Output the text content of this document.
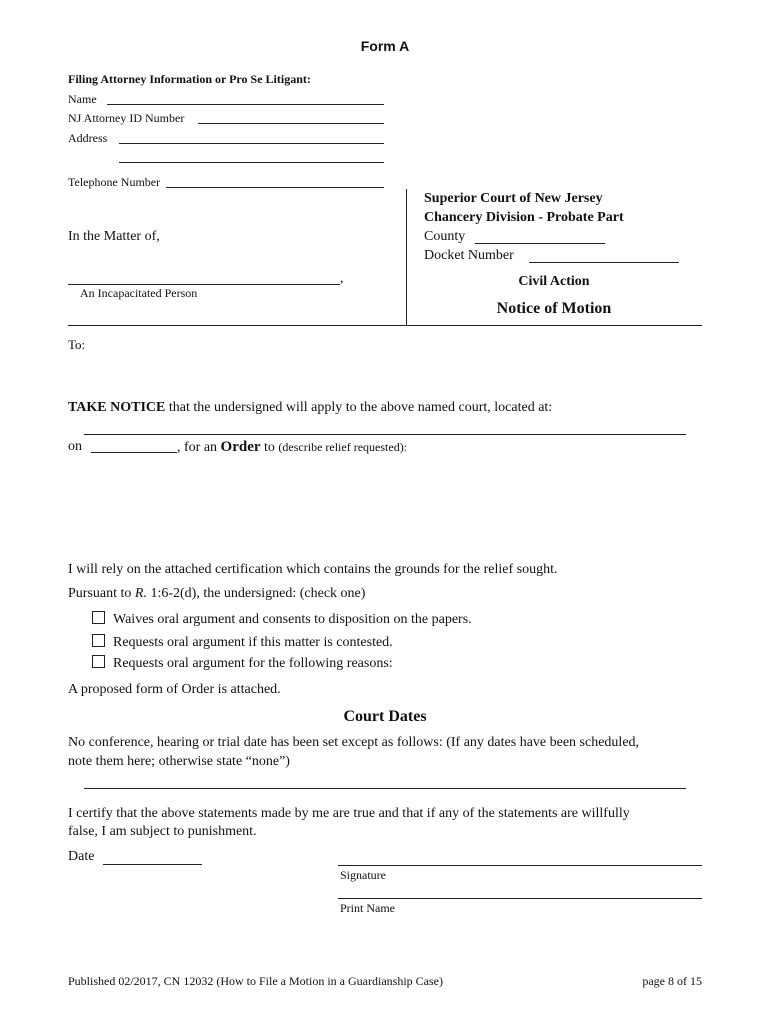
Form A
Filing Attorney Information or Pro Se Litigant:
Name
NJ Attorney ID Number
Address
Telephone Number
In the Matter of,
,
An Incapacitated Person
Superior Court of New Jersey
Chancery Division - Probate Part
County
Docket Number
Civil Action
Notice of Motion
To:
TAKE NOTICE that the undersigned will apply to the above named court, located at:
on	, for an Order to (describe relief requested):
I will rely on the attached certification which contains the grounds for the relief sought.
Pursuant to R. 1:6-2(d), the undersigned: (check one)
Waives oral argument and consents to disposition on the papers.
Requests oral argument if this matter is contested.
Requests oral argument for the following reasons:
A proposed form of Order is attached.
Court Dates
No conference, hearing or trial date has been set except as follows: (If any dates have been scheduled,
note them here; otherwise state “none”)
I certify that the above statements made by me are true and that if any of the statements are willfully
false, I am subject to punishment.
Date
Signature
Print Name
Published 02/2017, CN 12032 (How to File a Motion in a Guardianship Case)	page 8 of 15
